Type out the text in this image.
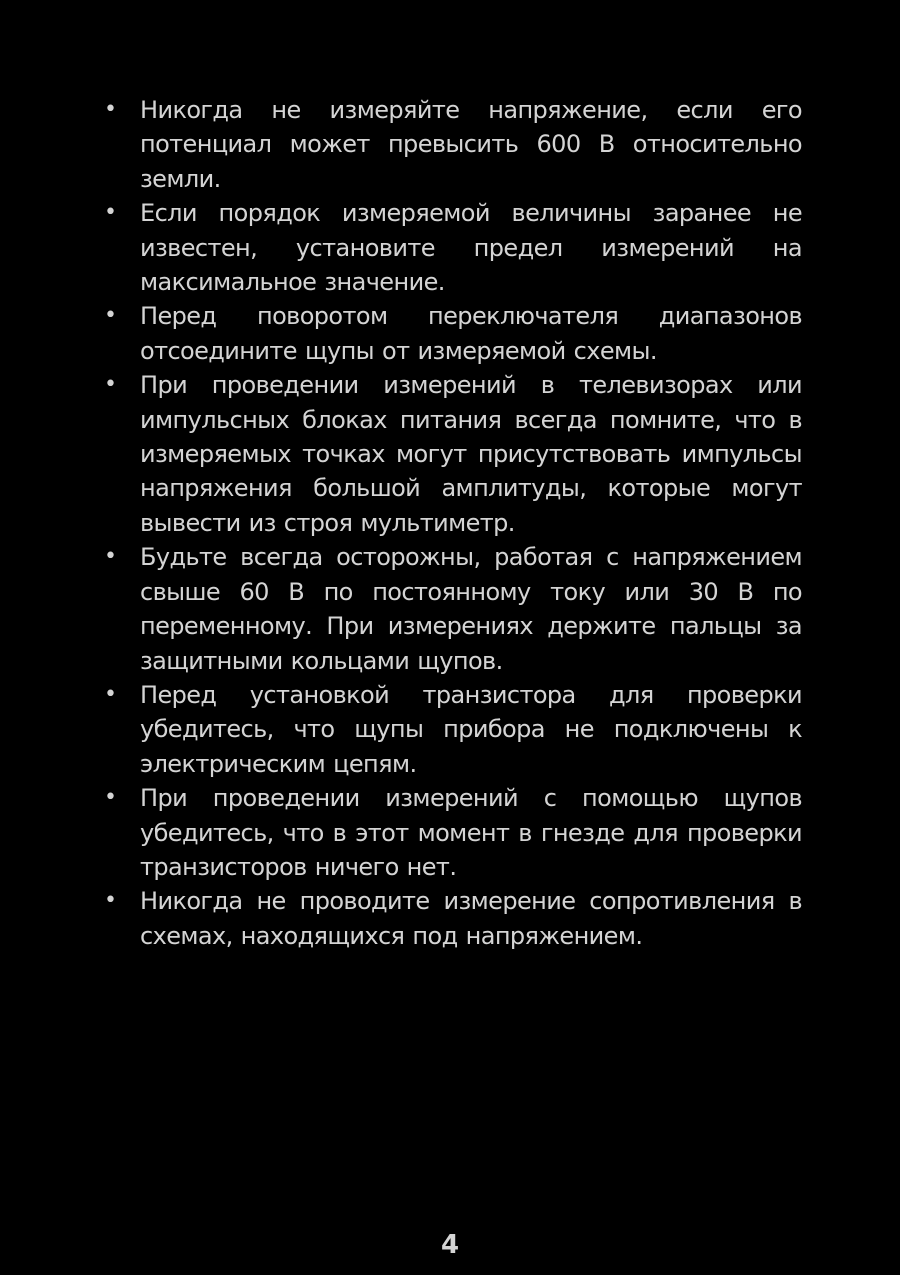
• Никогда не измеряйте напряжение, если его потенциал может превысить 600 В относительно земли.
• Если порядок измеряемой величины заранее не известен, установите предел измерений на максимальное значение.
• Перед поворотом переключателя диапазонов отсоедините щупы от измеряемой схемы.
• При проведении измерений в телевизорах или импульсных блоках питания всегда помните, что в измеряемых точках могут присутствовать импульсы напряжения большой амплитуды, которые могут вывести из строя мультиметр.
• Будьте всегда осторожны, работая с напряжением свыше 60 В по постоянному току или 30 В по переменному. При измерениях держите пальцы за защитными кольцами щупов.
• Перед установкой транзистора для проверки убедитесь, что щупы прибора не подключены к электрическим цепям.
• При проведении измерений с помощью щупов убедитесь, что в этот момент в гнезде для проверки транзисторов ничего нет.
• Никогда не проводите измерение сопротивления в схемах, находящихся под напряжением.
4
